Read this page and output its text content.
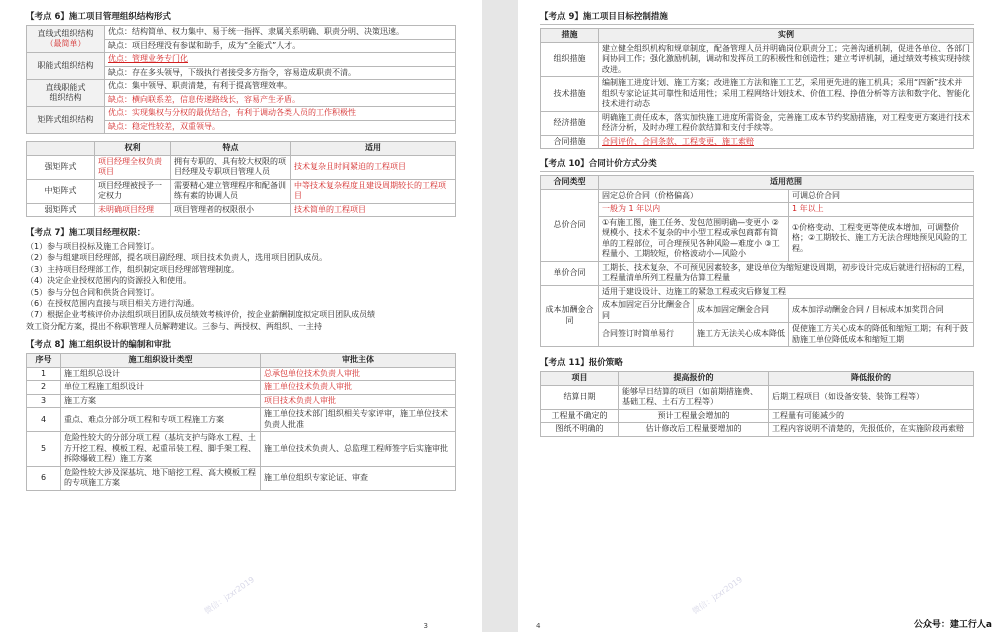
【考点 6】施工项目管理组织结构形式
直线式组织结构
（最简单）	优点：结构简单、权力集中、易于统一指挥、隶属关系明确、职责分明、决策迅速。
	缺点：项目经理没有参谋和助手，成为“全能式”人才。
职能式组织结构	优点：管理业务专门化
	缺点：存在多头领导，下级执行者接受多方指令，容易造成职责不清。

直线职能式
组织结构	优点：集中领导、职责清楚，有利于提高管理效率。
	缺点：横向联系差，信息传递路线长，容易产生矛盾。
矩阵式组织结构	优点：实现集权与分权的最优结合，有利于调动各类人员的工作积极性
	缺点：稳定性较差，双重领导。
	权利	特点	适用
强矩阵式	项目经理全权负责项目	拥有专职的、具有较大权限的项目经理及专职项目管理人员	技术复杂且时间紧迫的工程项目
中矩阵式	项目经理被授予一定权力	需要精心建立管理程序和配备训练有素的协调人员	中等技术复杂程度且建设周期较长的工程项目
弱矩阵式	未明确项目经理	项目管理者的权限很小	技术简单的工程项目
【考点 7】施工项目经理权限：
（1）参与项目投标及施工合同签订。
（2）参与组建项目经理部，提名项目副经理、项目技术负责人，选用项目团队成员。
（3）主持项目经理部工作，组织制定项目经理部管理制度。
（4）决定企业授权范围内的资源投入和使用。
（5）参与分包合同和供货合同签订。
（6）在授权范围内直接与项目相关方进行沟通。
（7）根据企业考核评价办法组织项目团队成员绩效考核评价，按企业薪酬制度拟定项目团队成员绩
效工资分配方案，提出不称职管理人员解聘建议。三参与、两授权、两组织、一主持
【考点 8】施工组织设计的编制和审批
序号	施工组织设计类型	审批主体
1	施工组织总设计	总承包单位技术负责人审批
2	单位工程施工组织设计	施工单位技术负责人审批
3	施工方案	项目技术负责人审批
4	重点、难点分部分项工程和专项工程施工方案	施工单位技术部门组织相关专家评审，施工单位技术负责人批准
5	危险性较大的分部分项工程（基坑支护与降水工程、土方开挖工程、模板工程、起重吊装工程、脚手架工程、拆除爆破工程）施工方案	施工单位技术负责人、总监理工程师签字后实施审批
6	危险性较大涉及深基坑、地下暗挖工程、高大模板工程的专项施工方案	施工单位组织专家论证、审查
微信：jzxr2019
3
【考点 9】施工项目目标控制措施
措施	实例
组织措施	建立健全组织机构和规章制度，配备管理人员并明确岗位职责分工；完善沟通机制，促进各单位、各部门间协同工作；强化激励机制，调动和发挥员工的积极性和创造性；建立考评机制，通过绩效考核实现持续改进。
技术措施	编制施工进度计划、施工方案；改进施工方法和施工工艺，采用更先进的施工机具；采用“四新”技术并组织专家论证其可靠性和适用性；采用工程网络计划技术、价值工程、挣值分析等方法和数字化、智能化技术进行动态
经济措施	明确施工责任成本，落实加快施工进度所需资金，完善施工成本节约奖励措施，对工程变更方案进行技术经济分析，及时办理工程价款结算和支付手续等。
合同措施	合同评价、合同条款、工程变更、施工索赔
【考点 10】合同计价方式分类
合同类型	适用范围		
总价合同	固定总价合同（价格偏高）		可调总价合同
	一般为 1 年以内		1 年以上
	①有施工图，施工任务、发包范围明确—变更小 ②规模小、技术不复杂的中小型工程或承包商都有简单的工程部位，可合理预见各种风险—难度小 ③工程量小、工期较短，价格波动小—风险小		①价格变动、工程变更等使成本增加，可调整价格；②工期较长、施工方无法合理地预见风险的工程。
单价合同	工期长、技术复杂、不可预见因素较多，建设单位为缩短建设周期，初步设计完成后就进行招标的工程，工程量清单所列工程量为估算工程量		
成本加酬金合同	适用于建设设计、边施工的紧急工程或灾后修复工程		
	成本加固定百分比酬金合同	成本加固定酬金合同	成本加浮动酬金合同 / 目标成本加奖罚合同
	合同签订时简单易行	施工方无法关心成本降低	促使施工方关心成本的降低和缩短工期；有利于鼓励施工单位降低成本和缩短工期
【考点 11】报价策略
项目	提高报价的	降低报价的
结算日期	能够早日结算的项目（如前期措施费、基础工程、土石方工程等）	后期工程项目（如设备安装、装饰工程等）
工程量不确定的	预计工程量会增加的	工程量有可能减少的
图纸不明确的	估计修改后工程量要增加的	工程内容说明不清楚的，先报低价，在实施阶段再索赔
微信：jzxr2019
4	公众号：建工行人a
